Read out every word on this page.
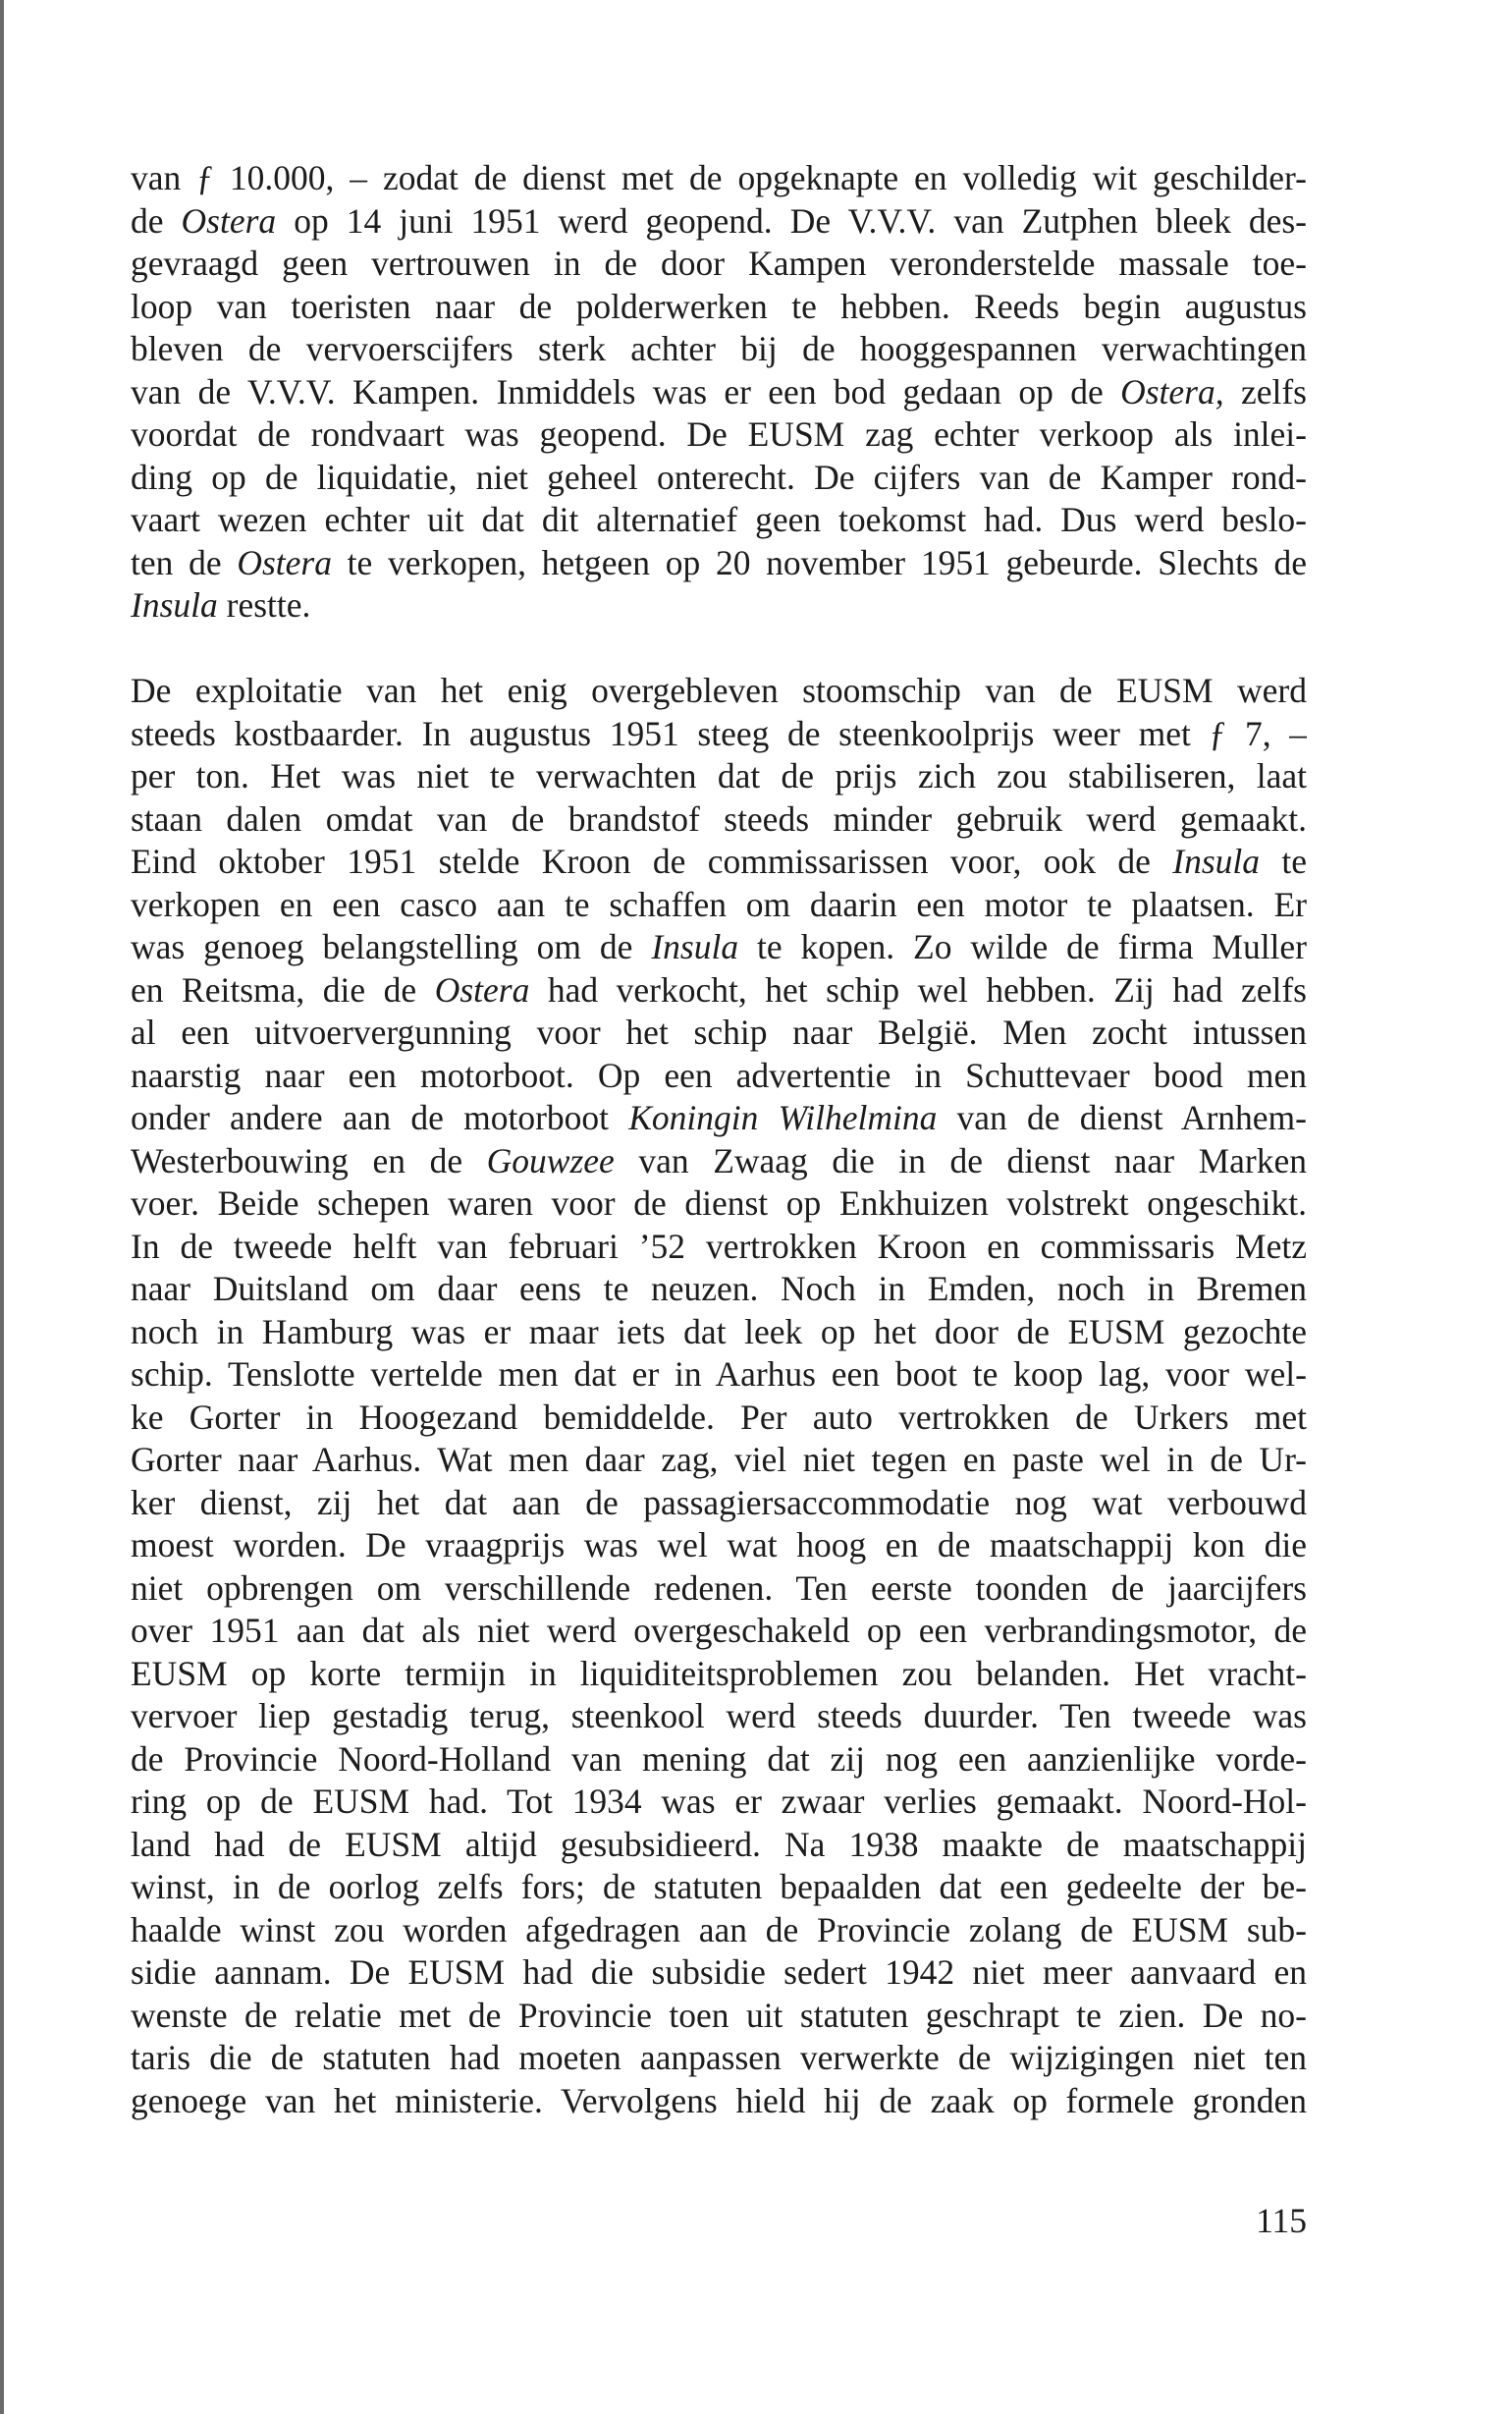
van ƒ 10.000, – zodat de dienst met de opgeknapte en volledig wit geschilder-
de Ostera op 14 juni 1951 werd geopend. De V.V.V. van Zutphen bleek des-
gevraagd geen vertrouwen in de door Kampen veronderstelde massale toe-
loop van toeristen naar de polderwerken te hebben. Reeds begin augustus
bleven de vervoerscijfers sterk achter bij de hooggespannen verwachtingen
van de V.V.V. Kampen. Inmiddels was er een bod gedaan op de Ostera, zelfs
voordat de rondvaart was geopend. De EUSM zag echter verkoop als inlei-
ding op de liquidatie, niet geheel onterecht. De cijfers van de Kamper rond-
vaart wezen echter uit dat dit alternatief geen toekomst had. Dus werd beslo-
ten de Ostera te verkopen, hetgeen op 20 november 1951 gebeurde. Slechts de
Insula restte.
De exploitatie van het enig overgebleven stoomschip van de EUSM werd
steeds kostbaarder. In augustus 1951 steeg de steenkoolprijs weer met ƒ 7, –
per ton. Het was niet te verwachten dat de prijs zich zou stabiliseren, laat
staan dalen omdat van de brandstof steeds minder gebruik werd gemaakt.
Eind oktober 1951 stelde Kroon de commissarissen voor, ook de Insula te
verkopen en een casco aan te schaffen om daarin een motor te plaatsen. Er
was genoeg belangstelling om de Insula te kopen. Zo wilde de firma Muller
en Reitsma, die de Ostera had verkocht, het schip wel hebben. Zij had zelfs
al een uitvoervergunning voor het schip naar België. Men zocht intussen
naarstig naar een motorboot. Op een advertentie in Schuttevaer bood men
onder andere aan de motorboot Koningin Wilhelmina van de dienst Arnhem-
Westerbouwing en de Gouwzee van Zwaag die in de dienst naar Marken
voer. Beide schepen waren voor de dienst op Enkhuizen volstrekt ongeschikt.
In de tweede helft van februari ’52 vertrokken Kroon en commissaris Metz
naar Duitsland om daar eens te neuzen. Noch in Emden, noch in Bremen
noch in Hamburg was er maar iets dat leek op het door de EUSM gezochte
schip. Tenslotte vertelde men dat er in Aarhus een boot te koop lag, voor wel-
ke Gorter in Hoogezand bemiddelde. Per auto vertrokken de Urkers met
Gorter naar Aarhus. Wat men daar zag, viel niet tegen en paste wel in de Ur-
ker dienst, zij het dat aan de passagiersaccommodatie nog wat verbouwd
moest worden. De vraagprijs was wel wat hoog en de maatschappij kon die
niet opbrengen om verschillende redenen. Ten eerste toonden de jaarcijfers
over 1951 aan dat als niet werd overgeschakeld op een verbrandingsmotor, de
EUSM op korte termijn in liquiditeitsproblemen zou belanden. Het vracht-
vervoer liep gestadig terug, steenkool werd steeds duurder. Ten tweede was
de Provincie Noord-Holland van mening dat zij nog een aanzienlijke vorde-
ring op de EUSM had. Tot 1934 was er zwaar verlies gemaakt. Noord-Hol-
land had de EUSM altijd gesubsidieerd. Na 1938 maakte de maatschappij
winst, in de oorlog zelfs fors; de statuten bepaalden dat een gedeelte der be-
haalde winst zou worden afgedragen aan de Provincie zolang de EUSM sub-
sidie aannam. De EUSM had die subsidie sedert 1942 niet meer aanvaard en
wenste de relatie met de Provincie toen uit statuten geschrapt te zien. De no-
taris die de statuten had moeten aanpassen verwerkte de wijzigingen niet ten
genoege van het ministerie. Vervolgens hield hij de zaak op formele gronden
115
